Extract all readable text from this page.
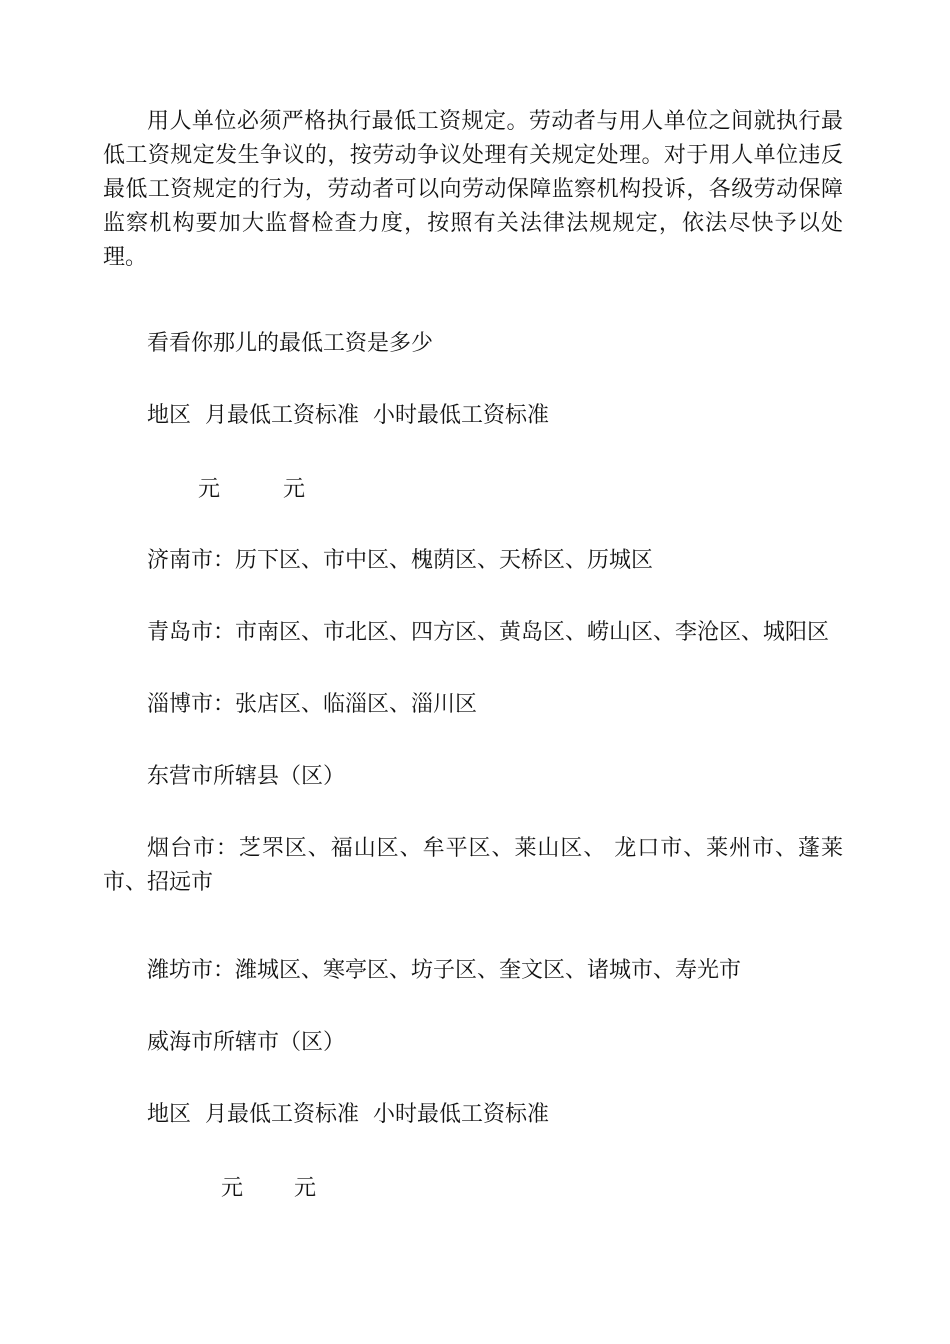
用人单位必须严格执行最低工资规定。劳动者与用人单位之间就执行最低工资规定发生争议的，按劳动争议处理有关规定处理。对于用人单位违反最低工资规定的行为，劳动者可以向劳动保障监察机构投诉，各级劳动保障监察机构要加大监督检查力度，按照有关法律法规规定，依法尽快予以处理。

看看你那儿的最低工资是多少

地区 月最低工资标准 小时最低工资标准

元	元

济南市：历下区、市中区、槐荫区、天桥区、历城区

青岛市：市南区、市北区、四方区、黄岛区、崂山区、李沧区、城阳区

淄博市：张店区、临淄区、淄川区

东营市所辖县（区）

烟台市：芝罘区、福山区、牟平区、莱山区、 龙口市、莱州市、蓬莱市、招远市

潍坊市：潍城区、寒亭区、坊子区、奎文区、诸城市、寿光市

威海市所辖市（区）

地区 月最低工资标准 小时最低工资标准

元 元
